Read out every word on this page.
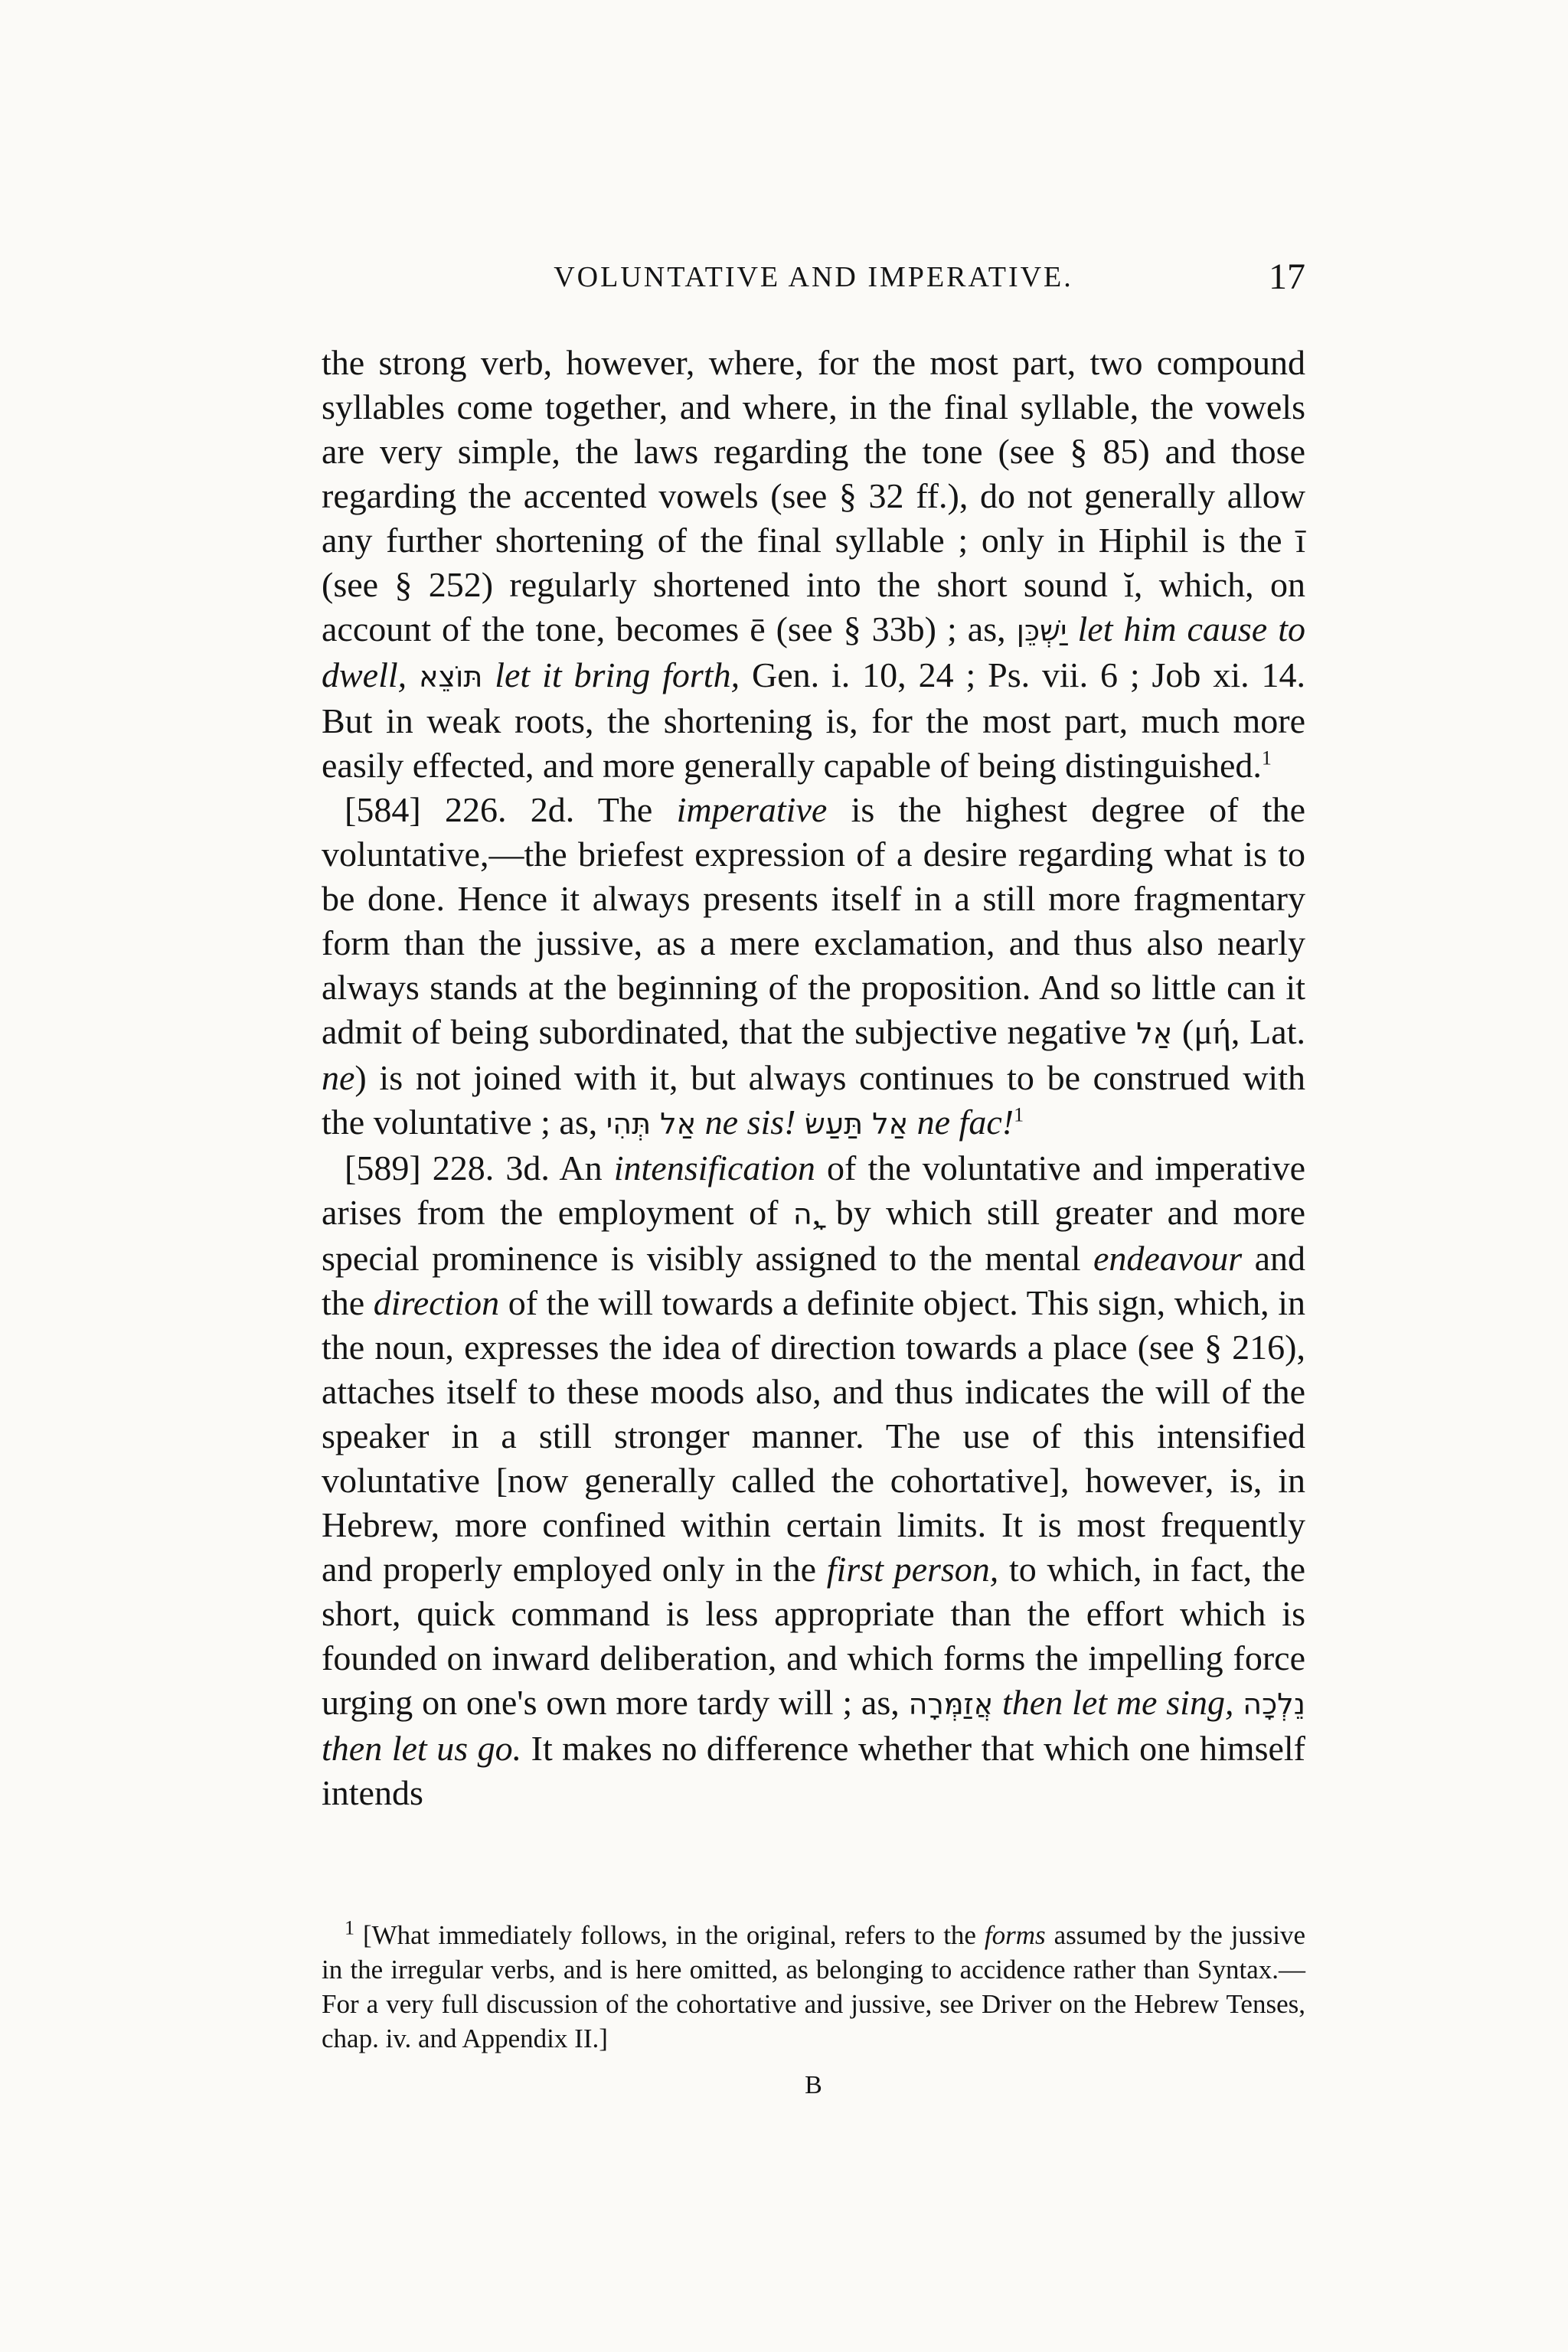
VOLUNTATIVE AND IMPERATIVE.	17

the strong verb, however, where, for the most part, two compound syllables come together, and where, in the final syllable, the vowels are very simple, the laws regarding the tone (see § 85) and those regarding the accented vowels (see § 32 ff.), do not generally allow any further shortening of the final syllable ; only in Hiphil is the ī (see § 252) regularly shortened into the short sound ĭ, which, on account of the tone, becomes ē (see § 33b) ; as, יַשְׁכֵּן let him cause to dwell, תּוֹצֵא let it bring forth, Gen. i. 10, 24 ; Ps. vii. 6 ; Job xi. 14. But in weak roots, the shortening is, for the most part, much more easily effected, and more generally capable of being distinguished.$^1$

[584] 226. 2d. The imperative is the highest degree of the voluntative,—the briefest expression of a desire regarding what is to be done. Hence it always presents itself in a still more fragmentary form than the jussive, as a mere exclamation, and thus also nearly always stands at the beginning of the proposition. And so little can it admit of being subordinated, that the subjective negative אַל (μή, Lat. ne) is not joined with it, but always continues to be construed with the voluntative ; as, אַל תְּהִי ne sis! אַל תַּעַשׂ ne fac!$^1$

[589] 228. 3d. An intensification of the voluntative and imperative arises from the employment of ָה, by which still greater and more special prominence is visibly assigned to the mental endeavour and the direction of the will towards a definite object. This sign, which, in the noun, expresses the idea of direction towards a place (see § 216), attaches itself to these moods also, and thus indicates the will of the speaker in a still stronger manner. The use of this intensified voluntative [now generally called the cohortative], however, is, in Hebrew, more confined within certain limits. It is most frequently and properly employed only in the first person, to which, in fact, the short, quick command is less appropriate than the effort which is founded on inward deliberation, and which forms the impelling force urging on one's own more tardy will ; as, אֲזַמְּרָה then let me sing, נֵלְכָה then let us go. It makes no difference whether that which one himself intends

$^1$ [What immediately follows, in the original, refers to the forms assumed by the jussive in the irregular verbs, and is here omitted, as belonging to accidence rather than Syntax.—For a very full discussion of the cohortative and jussive, see Driver on the Hebrew Tenses, chap. iv. and Appendix II.]

B
